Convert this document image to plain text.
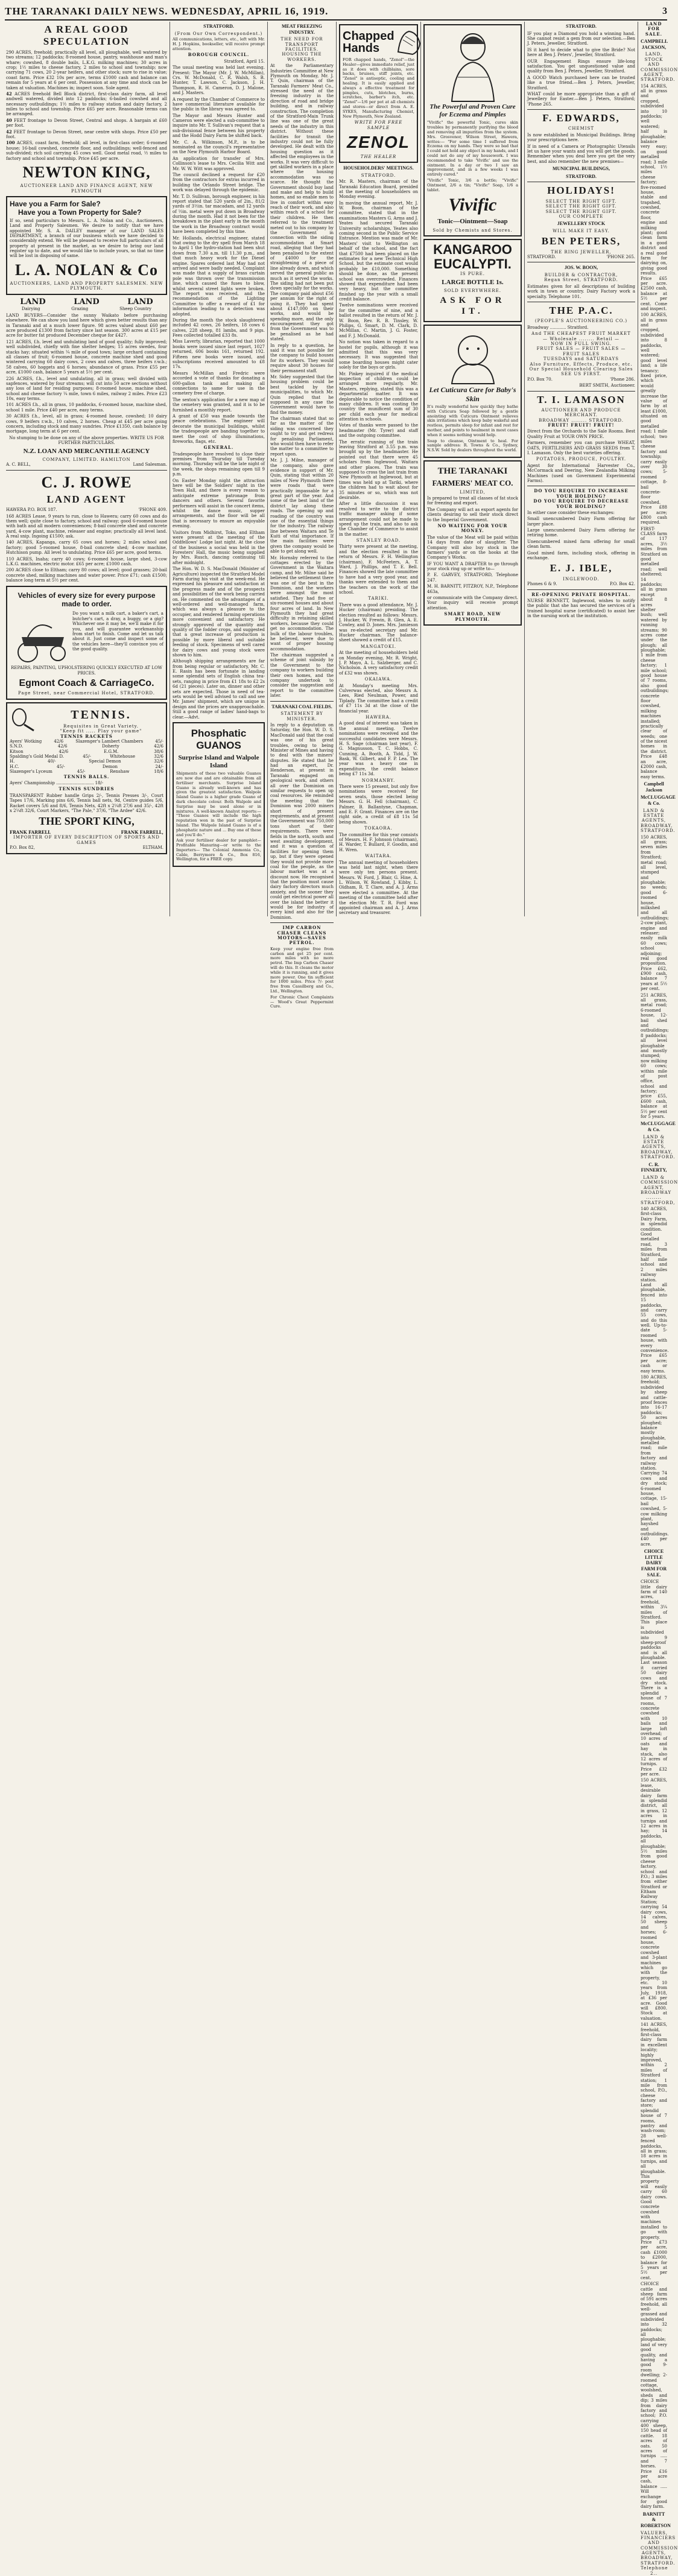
THE TARANAKI DAILY NEWS. WEDNESDAY, APRIL 16, 1919.	3
A REAL GOOD SPECULATION
290 ACRES, freehold; practically all level, all ploughable, well watered by two streams; 12 paddocks; 8-roomed house, pantry, washhouse and man's whare; cowshed, 8 double bails, L.K.G. milking machines; 30 acres in crop; 1½ miles to cheese factory, 2 miles to school and township; now carrying 71 cows, 20 2-year heifers, and other stock; sure to rise in value; coast farm. Price £32 10s per acre, terms £1000 cash and balance can remain for 5 years at 6 per cent. Possession at any time and stock can be taken at valuation. Machines in; inspect soon. Sole agent.
42 ACRES freehold Bell Block district, first-class dairy farm, all level andwell watered, divided into 12 paddocks; 6-bailed cowshed and all necessary outbuildings; 1½ miles to railway station and dairy factory, 2 miles to school and township. Price £65 per acre. Reasonable terms can be arranged.
40 FEET frontage to Devon Street, Central and shops. A bargain at £60 per foot.
42 FEET frontage to Devon Street, near centre with shops. Price £50 per foot.
100 ACRES, coast farm, freehold; all level, in first-class order; 6-roomed house; 16-bail cowshed, concrete floor, and outbuildings; well-fenced and sub-divided; rich soil carrying 45 cows well. Good metal road, ½ miles to factory and school and township. Price £45 per acre.
NEWTON KING,
AUCTIONEER LAND AND FINANCE AGENT, NEW PLYMOUTH
Have you a Farm for Sale?
Have you a Town Property for Sale?
If so, send particulars to Messrs. L. A. Nolan and Co., Auctioneers, Land and Property Salesmen. We desire to notify that we have appointed Mr. S. A. DAILEY manager of our LAND SALES DEPARTMENT, a branch of our business which we have decided to considerably extend. We will be pleased to receive full particulars of all property at present in the market, as we desire to bring our land register up to date, and we would like to include yours, so that no time will be lost in disposing of same.
L. A. NOLAN & Co
AUCTIONEERS, LAND AND PROPERTY SALESMEN. NEW PLYMOUTH.
LAND	LAND	LAND
Dairying	Grazing	Sheep Country
LAND BUYERS—Consider the sunny Waikato before purchasing elsewhere. We can show you land here which gives better results than any in Taranaki and at a much lower figure. 98 acres valued about £60 per acre produced £1300 from factory since last season. 300 acres at £15 per acre for butter fat produced December cheque for £427.
121 ACRES, f.h. level and undulating land of good quality; fully improved; well subdivided, chiefly with fine shelter hedges; 15 acres swedes, four stacks hay; situated within ¼ mile of good town; large orchard containing all classes of fruit; 6-roomed house, concrete machine shed and good wintered carrying 60 dairy cows, 2 cows and calves, three heifers r.w.b.; 58 calves, 60 hoggets and 6 horses; abundance of grass. Price £55 per acre, £1000 cash, balance 5 years at 5½ per cent.
226 ACRES, f.h., level and undulating, all in grass; well divided with sapfences, watered by four streams; will cut into 50 acre sections without any loss of land for residing purposes; 8-roomed house, machine shed, school and cheese factory ¼ mile, town 6 miles, railway 2 miles. Price £23 10s, easy terms.
101 ACRES f.h., all in grass, 10 paddocks, 6-roomed house, machine shed, school 1 mile. Price £40 per acre, easy terms.
30 ACRES f.h., level, all in grass; 4-roomed house, cowshed; 10 dairy cows, 9 heifers r.w.b., 10 calves, 2 horses. Cheap at £45 per acre going concern, including stock and many sundries. Price £1350, cash balance by mortgage, long term at 6 per cent.
No stumping to be done on any of the above properties. WRITE US FOR FURTHER PARTICULARS.
N.Z. LOAN AND MERCANTILE AGENCY
COMPANY, LIMITED. HAMILTON
A. C. BELL,	Land Salesman.
C. J. ROWE
LAND AGENT
HAWERA P.O. BOX 187.	'PHONE 409.
168 ACRES Lease, 9 years to run, close to Hawera; carry 60 cows and do them well; quite close to factory, school and railway; good 6-roomed house with bath and all modern conveniences; 8-bail concrete shed and concrete yard, 4-cow plant, machine, releaser and engine; practically all level land. A real snip. Ingoing £1500; ask.
140 ACRES, Kapanga, carry 65 cows and horses; 2 miles school and factory; good 5-roomed house, 8-bail concrete shed; 4-cow machine, Hutchison pump. All level to undulating. Price £65 per acre, good terms.
110 ACRES, Inaha; carry 40 cows; 6-roomed house, large shed, 3-cow L.K.G. machines, electric motor. £65 per acre; £1000 cash.
200 ACRES close to Eltham; carry 80 cows; all level; good grasses; 20-bail concrete shed, milking machines and water power. Price £71; cash £1500; balance long term at 5½ per cent.
Vehicles of every size for every purpose made to order.
Do you want a milk cart, a baker's cart, a butcher's cart, a dray, a buggy, or a gig? Whichever one it may be, we'll make it for you, and will guarantee workmanship from start to finish. Come and let us talk about it. Just come and inspect some of the vehicles here—they'll convince you of the good quality.
REPAIRS, PAINTING, UPHOLSTERING QUICKLY EXECUTED AT LOW PRICES.
Egmont Coach & CarriageCo.
Page Street, near Commercial Hotel, STRATFORD.
TENNIS.
Requisites in Great Variety.
"Keep fit ..... Play your game"
TENNIS RACKETS
Ayers' Wotking	42/6	Slazenger's Lambert Chambers	45/-
S.N.D.	42/6	Doherty	42/6
Kitson	42/6	E.G.M.	38/6
Spalding's Gold Medal D.	45/-	Whitehouse	32/6
H.	40/-	Special Demon	32/6
H.C.	45/-	Demon	24/-
Slazenger's Lyceum	45/-	Renshaw	18/6
TENNIS BALLS.
Ayers' Championship ............................ 18/-
TENNIS SUNDRIES
TRANSPARENT Rubber handle Grips 2/-, Tennis Presses 3/-, Court Tapes 17/6, Marking pins 6/6, Tennis ball nets, 9d, Centre guides 5/6, Racket covers 5/6 and 8/6, Tennis Nets, 42ft x 2¼ft 27/6 and 35/-, 42ft x 2¼ft 32/6, Court Markers, "The Pale," 37/6, "The Ardee" 42/6.
THE SPORT KING,
FRANK FARRELL	FRANK FARRELL,
IMPORTER OF EVERY DESCRIPTION OF SPORTS AND GAMES
P.O. Box 82,	ELTHAM.
STRATFORD.
(From Our Own Correspondent.)
All communications, letters, etc., left with Mr. H. J. Hopkins, bookseller, will receive prompt attention.
BOROUGH COUNCIL.
Stratford, April 15.
The usual meeting was held last evening. Present: The Mayor (Mr. J. W. McMillan), Crs. W. McDonald, C. R. Walsh, S. B. Hunter, T. Lawson, C. Jackson, J. H. Thompson, R. H. Cameron, D. J. Malone, and J. Masters.
A request by the Chamber of Commerce to have commercial literature available for the public in the library was agreed to.
The Mayor and Messrs Hunter and Cameron were elected a sub-committee to inquire into Mr. T. Sullivan's request that a sub-divisional fence between his property and the Hodd Dairy Farm be shifted back.
Mr. C. A. Wilkinson, M.P., is to be nominated as the council's representative on the New Plymouth Harbor Board.
An application for transfer of Mrs. Collinson's lease to Mrs. Cecilia Witt and Mr. W. W. Witt was approved.
The council declined a request for £20 from the contractors for extras incurred in building the Orlando Street bridge. The work was delayed through the epidemic.
Mr. T. D. Sullivan, borough engineer, in his report stated that 520 yards of 2in., 81/2 yards of 3½in. tar macadam, and 12 yards of ½in. metal were put down in Broadway during the month. Had it not been for the breakdown in the plant early in the month the work in the Broadway contract would have been completed by this time.
Mr. Hollands, electrical engineer, stated that owing to the dry spell from March 18 to April 1 the hydro-station had been shut down from 7.30 a.m. till 11.30 p.m., and that much heavy work for the Diesel engine. Spares ordered last May had not arrived and were badly needed. Complaint was made that a supply of brass curtain pole was thrown over the transmission line, which caused the fuses to blow, whilst several street lights were broken. The report was received, and the recommendation of the Lighting Committee to offer a reward of £1 for information leading to a detection was adopted.
During the month the stock slaughtered included 42 cows, 26 heifers, 18 cows 6 calves, 228 sheep, 81 lambs, and 9 pigs. Fees collected totalled £33 8s.
Miss Laverty, librarian, reported that 1000 books were issued since last report, 1027 returned, 606 books 161, returned 192. Fifteen new books were issued, and subscriptions received amounted to £8 17s.
Messrs McMillan and Fredric were accorded a vote of thanks for donating a 600-gallon tank and making all connections to same for use in the cemetery free of charge.
The sexton's application for a new map of the cemetery was granted, and it is to be furnished a monthly report.
A grant of £50 was made towards the peace celebrations. The engineer will decorate the municipal buildings, whilst the tradespeople are banding together to meet the cost of shop illuminations, fireworks, flags, etc.
GENERAL.
Tradespeople have resolved to close their premises from Thursday till Tuesday morning. Thursday will be the late night of the week, the shops remaining open till 9 p.m.
On Easter Monday night the attraction here will be the Soldiers' night in the Town Hall, and there is every reason to anticipate extreme patronage from dancers and others. Several favorite performers will assist in the concert items, whilst the dance music, supper arrangements, and the floor will be all that is necessary to ensure an enjoyable evening.
Visitors from Midhirst, Toko, and Eltham were present at the meeting of the Oddfellows' Lodge last night. At the close of the business a social was held in the Foresters' Hall, the music being supplied by Mrs. Rusch, dancing continuing till after midnight.
The Hon. W. D. S. MacDonald (Minister of Agriculture) inspected the Stratford Model Farm during his visit at the week-end. He expressed his pleasure and satisfaction at the progress made and of the prospects and possibilities of the work being carried on. He commented on the advantages of a well-ordered and well-managed farm, which was always a pleasure to the occupier, and rendered farming operations more convenient and satisfactory. He strongly approved of the quantity and quality of the fodder crops, and suggested that a great increase of production is possible by more liberal and suitable feeding of stock. Specimens of well cared for dairy cows and young stock were shown to him.
Although shipping arrangements are far from being regular or satisfactory, Mr. C. E. Rasin has been fortunate in landing some splendid sets of English china tea-sets, ranging in price from £1 18s to £2 2s 6d (21 pieces). Later on, dinner and other sets are expected. Those in need of tea-sets would be well advised to call and see Mr. James' shipment, which are unique in design and the prices are unapproachable. Still a good range of ladies' hand-bags to clear.—Advt.
Phosphatic GUANOS
Surprise Island and Walpole Island
Shipments of these two valuable Guanos are now due and are obtainable from all fertiliser merchants. Surprise Island Guano is already well-known and has given the greatest satisfaction. Walpole Island Guano is a higher grade Guano of dark chocolate colour. Both Walpole and Surprise may be used alone or in mixtures. A well-known Analyst reports:— "These Guanos will include the high reputation won in the past of Surprise Island. The Walpole Island Guano is of a phosphatic nature and ... Buy one of these and you'll do."
Ask your fertiliser dealer for pamphlet—Profitable Manuring—or write to the Importers— The Colonial Ammonia Co., Cable, Berrymore & Co., Box 816, Wellington, for a FREE copy.
MEAT FREEZING INDUSTRY.
THE NEED FOR TRANSPORT FACILITIES.
HOUSING THE WORKERS.
At the Parliamentary Industries Committee at New Plymouth on Monday, Mr. J. T. Quin, chairman of the Taranaki Farmers' Meat Co., stressed the need of the freezing industry in the direction of road and bridge building, and in railway construction. The completion of the Stratford-Main Trunk line was one of the great needs of the industry in this district. Without these facilities for transit the industry could not be fully developed. He dealt with the housing question as it affected the employees in the works. It was very difficult to get skilled workers in a place where the housing accommodation was so scarce. He thought the Government should buy land and make and help to build homes, and so enable men to live in comfort within easy reach of their work, and also within reach of a school for their children. He then referred to the treatment meted out to his company by the Government in connection with the siding accommodation at Smart road, alleging that they had been penalised to the extent of £4000 for the straightening of a piece of line already down, and which served the general public as much as it served the works. The siding had not been put down specially for the works. The company paid about £56 per annum for the right of using it. They had spent about £147,000 on their works, and would be spending more, and the only encouragement they got from the Government was to be penalised as he had stated.
In reply to a question, he said it was not possible for the company to build houses for its workers. They would require about 30 houses for their permanent staff.
Mr. Sidey suggested that the housing problem could be best tackled by the municipalities, to which Mr. Quin replied that he supposed in any case the Government would have to find the money.
The chairman stated that so far as the matter of the siding was concerned they ought to try and get redress for penalising Parliament, who would then have to refer the matter to a committee to report upon.
Mr. J. J. Milne, manager of the company, also gave evidence in support of Mr. Quin, stating that within 20 miles of New Plymouth there were roads that were practically impassable for a great part of the year. And some of the best land of the district lay along these roads. The opening up and roading of the country was one of the essential things for the industry. The railway line between Waitara and Te Kuiti of vital importance. If the main facilities were given the company would be able to get along well.
Mr. Hornsby referred to the cottages erected by the Government in the Waitara camp, and Mr. Milne said he believed the settlement there was one of the best in the Dominion, and the workers were amongst the most satisfied. They had five or six-roomed houses and about four acres of land. In New Plymouth they had great difficulty in retaining skilled workers, because they could get no accommodation. The bulk of the labour troubles, he believed, were due to want of proper housing accommodation.
The chairman suggested a scheme of joint subsidy by the Government to the company to workers building their own homes, and the company undertook to consider the suggestion and report to the committee later.
TARANAKI COAL FIELDS.
STATEMENT BY MINISTER.
In reply to a deputation on Saturday, the Hon. W. D. S. MacDonald said that the coal was one of his great troubles, owing to being Minister of Mines and having to deal with the miners' disputes. He stated that he had an expert, Dr. Henderson, at present in Taranaki engaged on geological work, and others all over the Dominion on similar requests to open up coal resources. He reminded the meeting that the Dominion was 2000 miners short of present requirements, and at present the Government was 750,000 tons short of their requirements. There were fields in the north, south and west awaiting development, and it was a question of facilities for opening them up, but if they were opened they would not provide more coal for the people, as the labour market was at a discount now. He recognised that the position must cause dairy factory directors much anxiety, and the sooner they could get electrical power all over the island the better it would be for industry of every kind and also for the Dominion.
IMP CARBON CHASER CLEANS MOTORS—SAVES PETROL.
Keep your engine free from carbon and get 25 per cent. more miles with no more petrol. The Imp Carbon Chaser will do this. It cleans the motor while it is running, and it gives more power. One tin sufficient for 1000 miles. Price 7/- post free from Cassilberg and Co., Ltd., Wellington.
For Chronic Chest Complaints— Wood's Great Peppermint Cure.
Chapped Hands
FOR chapped hands, "Zenol"—the Healer—gives immediate relief, just as it does with chilblains, sore backs, bruises, stiff joints, etc. "Zenol" is antiseptic, cooling and healing. It is easily applied and always a effective treatment for pimples, cuts, blotches, burns, scratches, barber's itch, etc. "Zenol"—1/6 per pot at all chemists and stores—or direct from A. E. SYKES, Manufacturing Chemist, New Plymouth, New Zealand.
WRITE FOR FREE SAMPLE
ZENOL
THE HEALER
HOUSEHOLDERS' MEETINGS.
STRATFORD.
Mr. R. Masters, chairman of the Taranaki Education Board, presided at the meeting of householders on Monday evening.
In moving the annual report, Mr. J. W. Boon, chairman of the committee, stated that in the examinations Masters G. Arms and J. Yeates had secured Taranaki University scholarships, Yeates also coming second in the Public Service Entrance. Mention was made of Mr. Masters' visit to Wellington on behalf of the school, and the fact that £7500 had been placed on the estimates for a new Technical High School, but the estimate cost would probably be £10,000. Something should be done, as the present school was overcrowded. Finances showed that expenditure had been very heavy, but the committee finished up the year with a small credit balance.
Twelve nominations were received for the committee of nine, and a ballot resulted in the return of Mr. J. W. Boon, Rev. R. B. Tinsley, W. Philips, G. Smart, D. M. Clark, D. McMillan, C. Martin, J. G. Foster, and F. J. McDonald.
No notion was taken in regard to a hostel for pupils, although it was admitted that this was very necessary. It was suggested that some boarding houses might cater solely for the boys or girls.
Mr. Pinkey inquired if the medical inspection of children could be arranged more regularly. Mr. Masters, replying, stated this was a departmental matter. It was deplorable to notice the condition of many children. It was costing the country the munificent sum of 30 per child each year for medical attention in schools.
Votes of thanks were passed to the headmaster (Mr. Tyrer) and staff and the outgoing committee.
The erratic running of the train leaving Stratford at 3.55 p.m. was brought up by the headmaster. He pointed out that there were 45 scholars from Inglewood, Waitara and other places. The train was supposed to cross the last train from New Plymouth at Inglewood, but at times was held up at Tariki, where the children had to wait about for 35 minutes or so, which was not desirable.
After a little discussion it was resolved to write to the district traffic manager asking if some arrangement could not be made to speed up the train, and also to ask the Chamber of Commerce to assist in the matter.
STANLEY ROAD.
Thirty were present at the meeting, and the election resulted in the return of Messrs. F. H. Wellington (chairman), F. McFeeters, A. T. Ward, J. Phillips, and T. E. Bell. Finances showed the late committee to have had a very good year, and thanks were extended to them and the teachers on the work of the school.
TARIKI.
There was a good attendance, Mr. J. Hucker (chairman) presiding. The election resulted as follows: Messrs. J. Hucker, W. Frewin, B. Glen, A. E. Cowley, and D. Jones. Mrs. Jamieson was re-elected secretary and Mr. Hucker chairman. The balance-sheet showed a credit of £15.
MANGATOKI.
At the meeting of householders held on Monday evening, Mr. R. Wright, J. P. Mayo, A. L. Salzberger, and C. Nicholson. A very satisfactory credit of £32 was shown.
OKAIAWA.
At Monday's meeting Mrs. Culverwas elected, also Messrs A. Lees, Ried Neulman, Power, and Tiplady. The committee had a credit of £7 11s 3d at the close of the financial year.
HAWERA.
A good deal of interest was taken in the annual meeting. Twelve nominations were received and the successful candidates were Messrs. H. S. Sage (chairman last year), F. G. Magnusson, T. C. Hobbs, C. Cunning, A. Booth, A. Tidd, J. W. Bask, W. Gilbert, and F. P. Lea. The year was a heavy one in expenditure, the credit balance being £7 11s 3d.
NORMANBY.
There were 15 present, but only five nominations were received for seven seats, those elected being Messrs. G. H. Fell (chairman), C. Palmer, B. Ballantyne, Chapman, and E. F. Grant. Finances are on the right side, a credit of £8 11s 5d being shown.
TOKAORA.
The committee for this year consists of Messrs. H. F. Johnson (chairman), H. Warder, T. Bullard, F. Goodin, and H. Wren.
WAITARA.
The annual meeting of householders was held last night, when there were only ten persons present. Messrs. W. Ford, J. Blair, G. Hine, A. L. Wilson, W. Rowland, J. Kibby, L. Oldham, R. T. Clare, and A. J. Arms were elected a committee. At the meeting of the committee held after the election Mr. T. R. Ford was appointed chairman and A. J. Arms secretary and treasurer.
The Powerful and Proven Cure for Eczema and Pimples
"Vivific" the powerful Tonic, cures skin troubles by permanently purifying the blood and removing all impurities from the system. Mrs. Grosvenor, Wilson Street, Hawera, writes:— "For some time I suffered from Eczema on my hands. They were so bad that I could not hold any object in my hands, and I could not do any of my housework. I was recommended to take 'Vivific' and use the ointment. In a day or two I saw an improvement, and in a few weeks I was entirely cured."
"Vivific" Tonic, 3/6 a bottle; "Vivific" Ointment, 2/6 a tin; "Vivific" Soap, 1/6 a tablet.
Vivific
Tonic—Ointment—Soap
Sold by Chemists and Stores.
KANGAROO
EUCALYPTI.
IS PURE.
LARGE BOTTLE 1s.
SOLD EVERYWHERE.
ASK FOR IT.
Let Cuticura Care for Baby's Skin
It's really wonderful how quickly they bathe with Cuticura Soap followed by a gentle anointing with Cuticura Ointment relieves skin irritations which keep baby wakeful and restless, permits sleep for infant and rest for mother, and points to healment in most cases when it seems nothing would help.
Soap to cleanse, Ointment to heal. For sample address: R. Towns & Co., Sydney, N.S.W. Sold by dealers throughout the world.
THE TARANAKI
FARMERS' MEAT CO.
LIMITED,
Is prepared to treat all classes of fat stock for freezing and export.
The Company will act as export agents for clients desiring to sell their stock direct to the Imperial Government.
NO WAITING FOR YOUR MONEY.
The value of the Meat will be paid within 14 days from date of slaughter. The Company will also buy stock in the farmers' yards or on the hooks at the Company's Works.
IF YOU WANT A DRAFTER to go through your stock ring up or write to—
P. E. GARVEY, STRATFORD, Telephone 247.
M. H. BARNITT, FITZROY, N.P., Telephone 463a,
or communicate with the Company direct. Your inquiry will receive prompt attention.
SMART ROAD, NEW PLYMOUTH.
STRATFORD.
IF you play a Diamond you hold a winning hand. She cannot resist a gem from our selection.—Ben J. Peters, Jeweller, Stratford.
IS it hard to decide what to give the Bride? Not here at Ben J. Peters', Jeweller, Stratford.
OUR Engagement Rings ensure life-long satisfaction. You get unquestioned value and quality from Ben J. Peters, Jeweller, Stratford.
A GOOD Watch purchased here can be trusted like a true friend.—Ben J. Peters, Jeweller, Stratford.
WHAT could be more appropriate than a gift of Jewellery for Easter.—Ben J. Peters, Stratford; 'Phone 265.
F. EDWARDS,
CHEMIST
Is now established in Municipal Buildings. Bring your prescriptions here.
If in need of a Camera or Photographic Utensils let us have your wants and you will get the goods. Remember when you deal here you get the very best, and also remember the new premises—
MUNICIPAL BUILDINGS,
STRATFORD.
HOLIDAYS!
SELECT THE RIGHT GIFT.
SELECT THE RIGHT GIFT.
SELECT THE RIGHT GIFT.
OUR COMPLETE
JEWELLERY STOCK
WILL MAKE IT EASY.
BEN PETERS,
THE RING JEWELLER,
STRATFORD.	'PHONE 265.
JOS. W. BOON,
BUILDER & CONTRACTOR,
Regan Street, STRATFORD.
Estimates given for all descriptions of building work in town or country. Dairy Factory work a specialty. Telephone 101.
THE P.A.C.
(PEOPLE'S AUCTIONEERING CO.)
Broadway ............ Stratford.
And THE CHEAPEST FRUIT MARKET
— Wholesale ........ Retail —
NOW IN FULL SWING.
FRUIT SALES — FRUIT SALES — FRUIT SALES
TUESDAYS and SATURDAYS
Also Furniture, Effects, Produce, etc.
Our Special Household Clearing Sales
SEE US FIRST.
P.O. Box 70.	'Phone 286.
BERT SMITH, Auctioneer.
T. I. LAMASON
AUCTIONEER AND PRODUCE MERCHANT.
BROADWAY ........ STRATFORD.
FRUIT! FRUIT! FRUIT!
Direct from the Orchards to the Sale Rooms. Best Quality Fruit at YOUR OWN PRICE.
Farmers, remember you can purchase WHEAT, OATS, FERTILISERS AND GRASS SEEDS from T. I. Lamason. Only the best varieties offering.
POTATOES, PRODUCE, POULTRY.
Agent for International Harvester Co., McCormack and Deering, New Zealandia Milking Machines (used on Government Experimental Farms).
DO YOU REQUIRE TO INCREASE YOUR HOLDING?
DO YOU REQUIRE TO DECREASE YOUR HOLDING?
In either case consider these exchanges:
Small unencumbered Dairy Farm offering for larger place.
Large unencumbered Dairy Farm offering for retiring home.
Unencumbered mixed farm offering for small clean farm.
Good mixed farm, including stock, offering in exchange.
E. J. IBLE,
INGLEWOOD.
Phones 6 & 9.	P.O. Box 42.
RE-OPENING PRIVATE HOSPITAL.
NURSE BENNETT, Inglewood, wishes to notify the public that she has secured the services of a trained hospital nurse (certificated) to assist her in the nursing work at the institution.
LAND FOR SALE.
CAMPBELL JACKSON,
LAND, STOCK AND COMMISSION AGENT, STRATFORD.
154 ACRES, all in grass and cropped, subdivided into 10 paddocks; well watered; half is ploughable; balance very easy; on good metalled road; 3 mile school, 1½ miles cheese factory; five-roomed house, stable and trapshed, cowshed, concrete floor, engine and milking plant; good clean farm in a good district and a real good farm for dairying on, giving good results. Price £65 per acre. £2500 cash, balance at 5½ per cent. Come and inspect.
100 ACRES, all in grass and cropped, subdivided into 8 paddocks, well watered; good level land; a life tenancy; fixed price, which would greatly increase the value of farm by at least £1000, situated on good metalled road; 1 mile school; two miles cheese factory and township; carry easily over 30 cows; 5-roomed cottage, 8-bail concrete-floor cowshed. Price £88 per acre; £800 cash required.
FIRST-CLASS farm of 117 acres, 3½ miles from Stratford on good metalled road; well sheltered; 14 paddocks; all in grass except about 8 acres shelter bush; well watered by running streams; 90 acres come under the plough; all ploughable; 1 mile from cheese factory; 1 mile school; good house of 7 rooms, also good outbuildings; concrete floor cowshed, milking machines installed; practically clear of weeds; one of the nicest homes in the district. Price £48 an acre, £2000 cash, balance easy terms.
Campbell Jackson
McCLUGGAGE & Co.
LAND & ESTATE AGENTS, BROADWAY, STRATFORD.
150 ACRES, all grass; seven miles from Stratford; metal road; all level, stumped and ploughable; no weeds; good 6-roomed house, milkshed and all outbuildings; 2-cow plant, engine and releaser; easily milk 60 cows; school adjoining; real good proposition. Price £62, £900 cash, balance 7 years at 5½ per cent.
251 ACRES, all grass, metal road; 6-roomed house, 12-bail shed and outbuildings; 8 paddocks; all level ploughable and mostly stumped; now milking 60 cows; within mile of post office, school and factory; price £55, £600 cash, balance at 5½ per cent for 5 years.
McCLUGGAGE & Co.
LAND & ESTATE AGENTS, BROADWAY, STRATFORD.
C. R. FINNERTY,
LAND & COMMISSION AGENT,
BROADWAY ........ STRATFORD,
140 ACRES, first-class Dairy Farm, in splendid condition. Good metalled road, 3 miles from Stratford, half mile school and 2 miles railway station. Land all ploughable, fenced into 15 paddocks, and carry 55 cows, and do this well. Up-to-date 5-roomed house, with every convenience. Price £65 per acre; cash or easy terms.
180 ACRES, freehold; subdivided by sheep and cattle-proof fences into 16-17 paddocks; 50 acres ploughed; balance mostly ploughable, metalled road; mile from factory and railway station. Carrying 74 cows and dry stock; 6-roomed house, cottage, 15-bail cowshed, 5-cow milking plant, hayshed and outbuildings. £40 per acre.
CHOICE LITTLE DAIRY FARM FOR SALE.
CHOICE little dairy farm of 140 acres, freehold, within 3¼ miles of Stratford. This place is subdivided into 9 sheep-proof paddocks and is all ploughable. Last season it carried 50 dairy cows and dry stock. There is a splendid house of 7 rooms, concrete cowshed with 10 bails and large loft overhead; 10 acres of oats and hay in stack, also 12 acres of turnips. Price £32 per acre.
150 ACRES, lease, desirable dairy farm in splendid district, all in grass, 12 acres in turnips and 12 acres in hay; 14 paddocks, all ploughable; 5½ miles from good cheese factory, school and P.O.; 3 miles from either Stratford or Eltham Railway Station; carrying 54 dairy cows, 14 calves, 50 sheep and 5 horses; 6-roomed house, concrete cowshed and 3-plant machines which go with the property, etc. 10 years from July, 1918, at £36 per acre. Good will £800. Stock at valuation.
141 ACRES, freehold, first-class dairy farm in excellent locality; highly improved, within 2 miles of Stratford station; 1 mile from school, P.O., cheese factory and store; splendid house of 7 rooms, pantry and wash-room; 28 well-fenced paddocks, all in grass; 18 acres in turnips, and all ploughable. This property will easily carry 60 dairy cows. Good concrete cowshed with machines installed to go with property. Price £73 per acre, cash £1000 to £2000, balance for 5 years at 5½ per cent.
CHOICE cattle and sheep farm of 591 acres freehold, all well-grassed and subdivided into 32 paddocks; all ploughable; land of very good quality, and having a good 9-room dwelling; 2-roomed cottage, woolshed, sheds and dip; 3 miles from dairy factory and school; P.O. carrying 400 sheep, 150 head of cattle. 18 acres of oats. 50 acres of turnips ..... and 7 horses. Price £16 per acre cash, balance ..... Will exchange for good dairy farm.
BARNITT & ROBERTSON
VALUERS, FINANCIERS AND COMMISSION AGENTS,
BROADWAY, STRATFORD.
Telephone 2..
